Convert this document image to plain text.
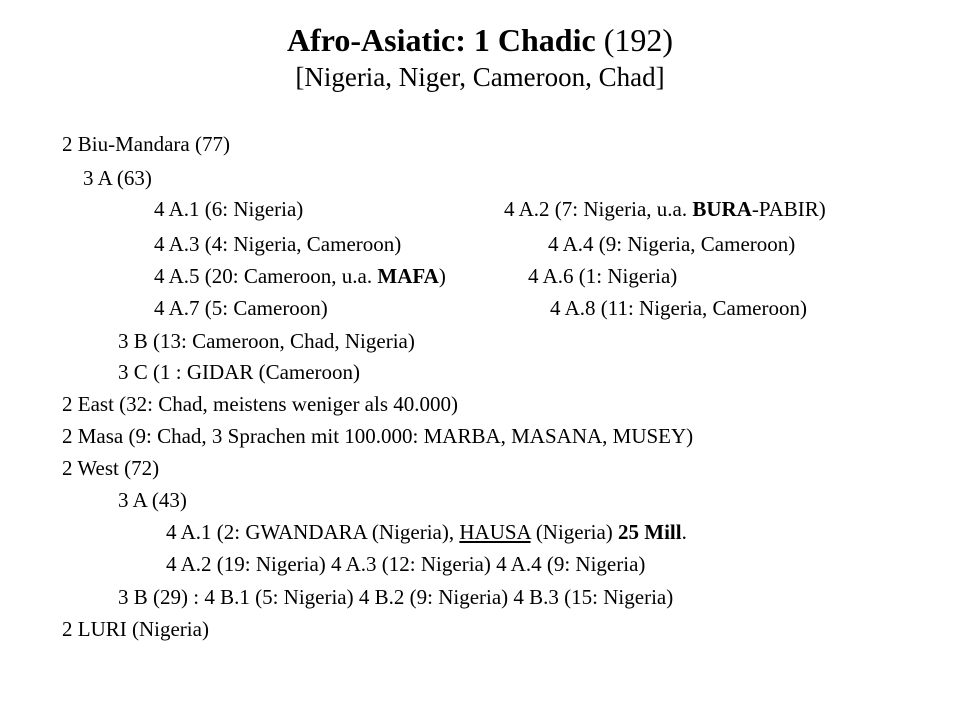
Afro-Asiatic: 1 Chadic (192)
[Nigeria, Niger, Cameroon, Chad]
2 Biu-Mandara (77)
3 A (63)
4 A.1 (6: Nigeria)	4 A.2 (7: Nigeria, u.a. BURA-PABIR)
4 A.3 (4: Nigeria, Cameroon)	4 A.4 (9: Nigeria, Cameroon)
4 A.5 (20: Cameroon, u.a. MAFA)	4 A.6 (1: Nigeria)
4 A.7 (5: Cameroon)	4 A.8 (11: Nigeria, Cameroon)
3 B (13: Cameroon, Chad, Nigeria)
3 C (1 : GIDAR (Cameroon)
2 East (32: Chad, meistens weniger als 40.000)
2 Masa (9: Chad, 3 Sprachen mit 100.000: MARBA, MASANA, MUSEY)
2 West (72)
3 A (43)
4 A.1 (2: GWANDARA (Nigeria), HAUSA (Nigeria) 25 Mill.
4 A.2 (19: Nigeria) 4 A.3 (12: Nigeria) 4 A.4 (9: Nigeria)
3 B (29) : 4 B.1 (5: Nigeria) 4 B.2 (9: Nigeria) 4 B.3 (15: Nigeria)
2 LURI (Nigeria)
